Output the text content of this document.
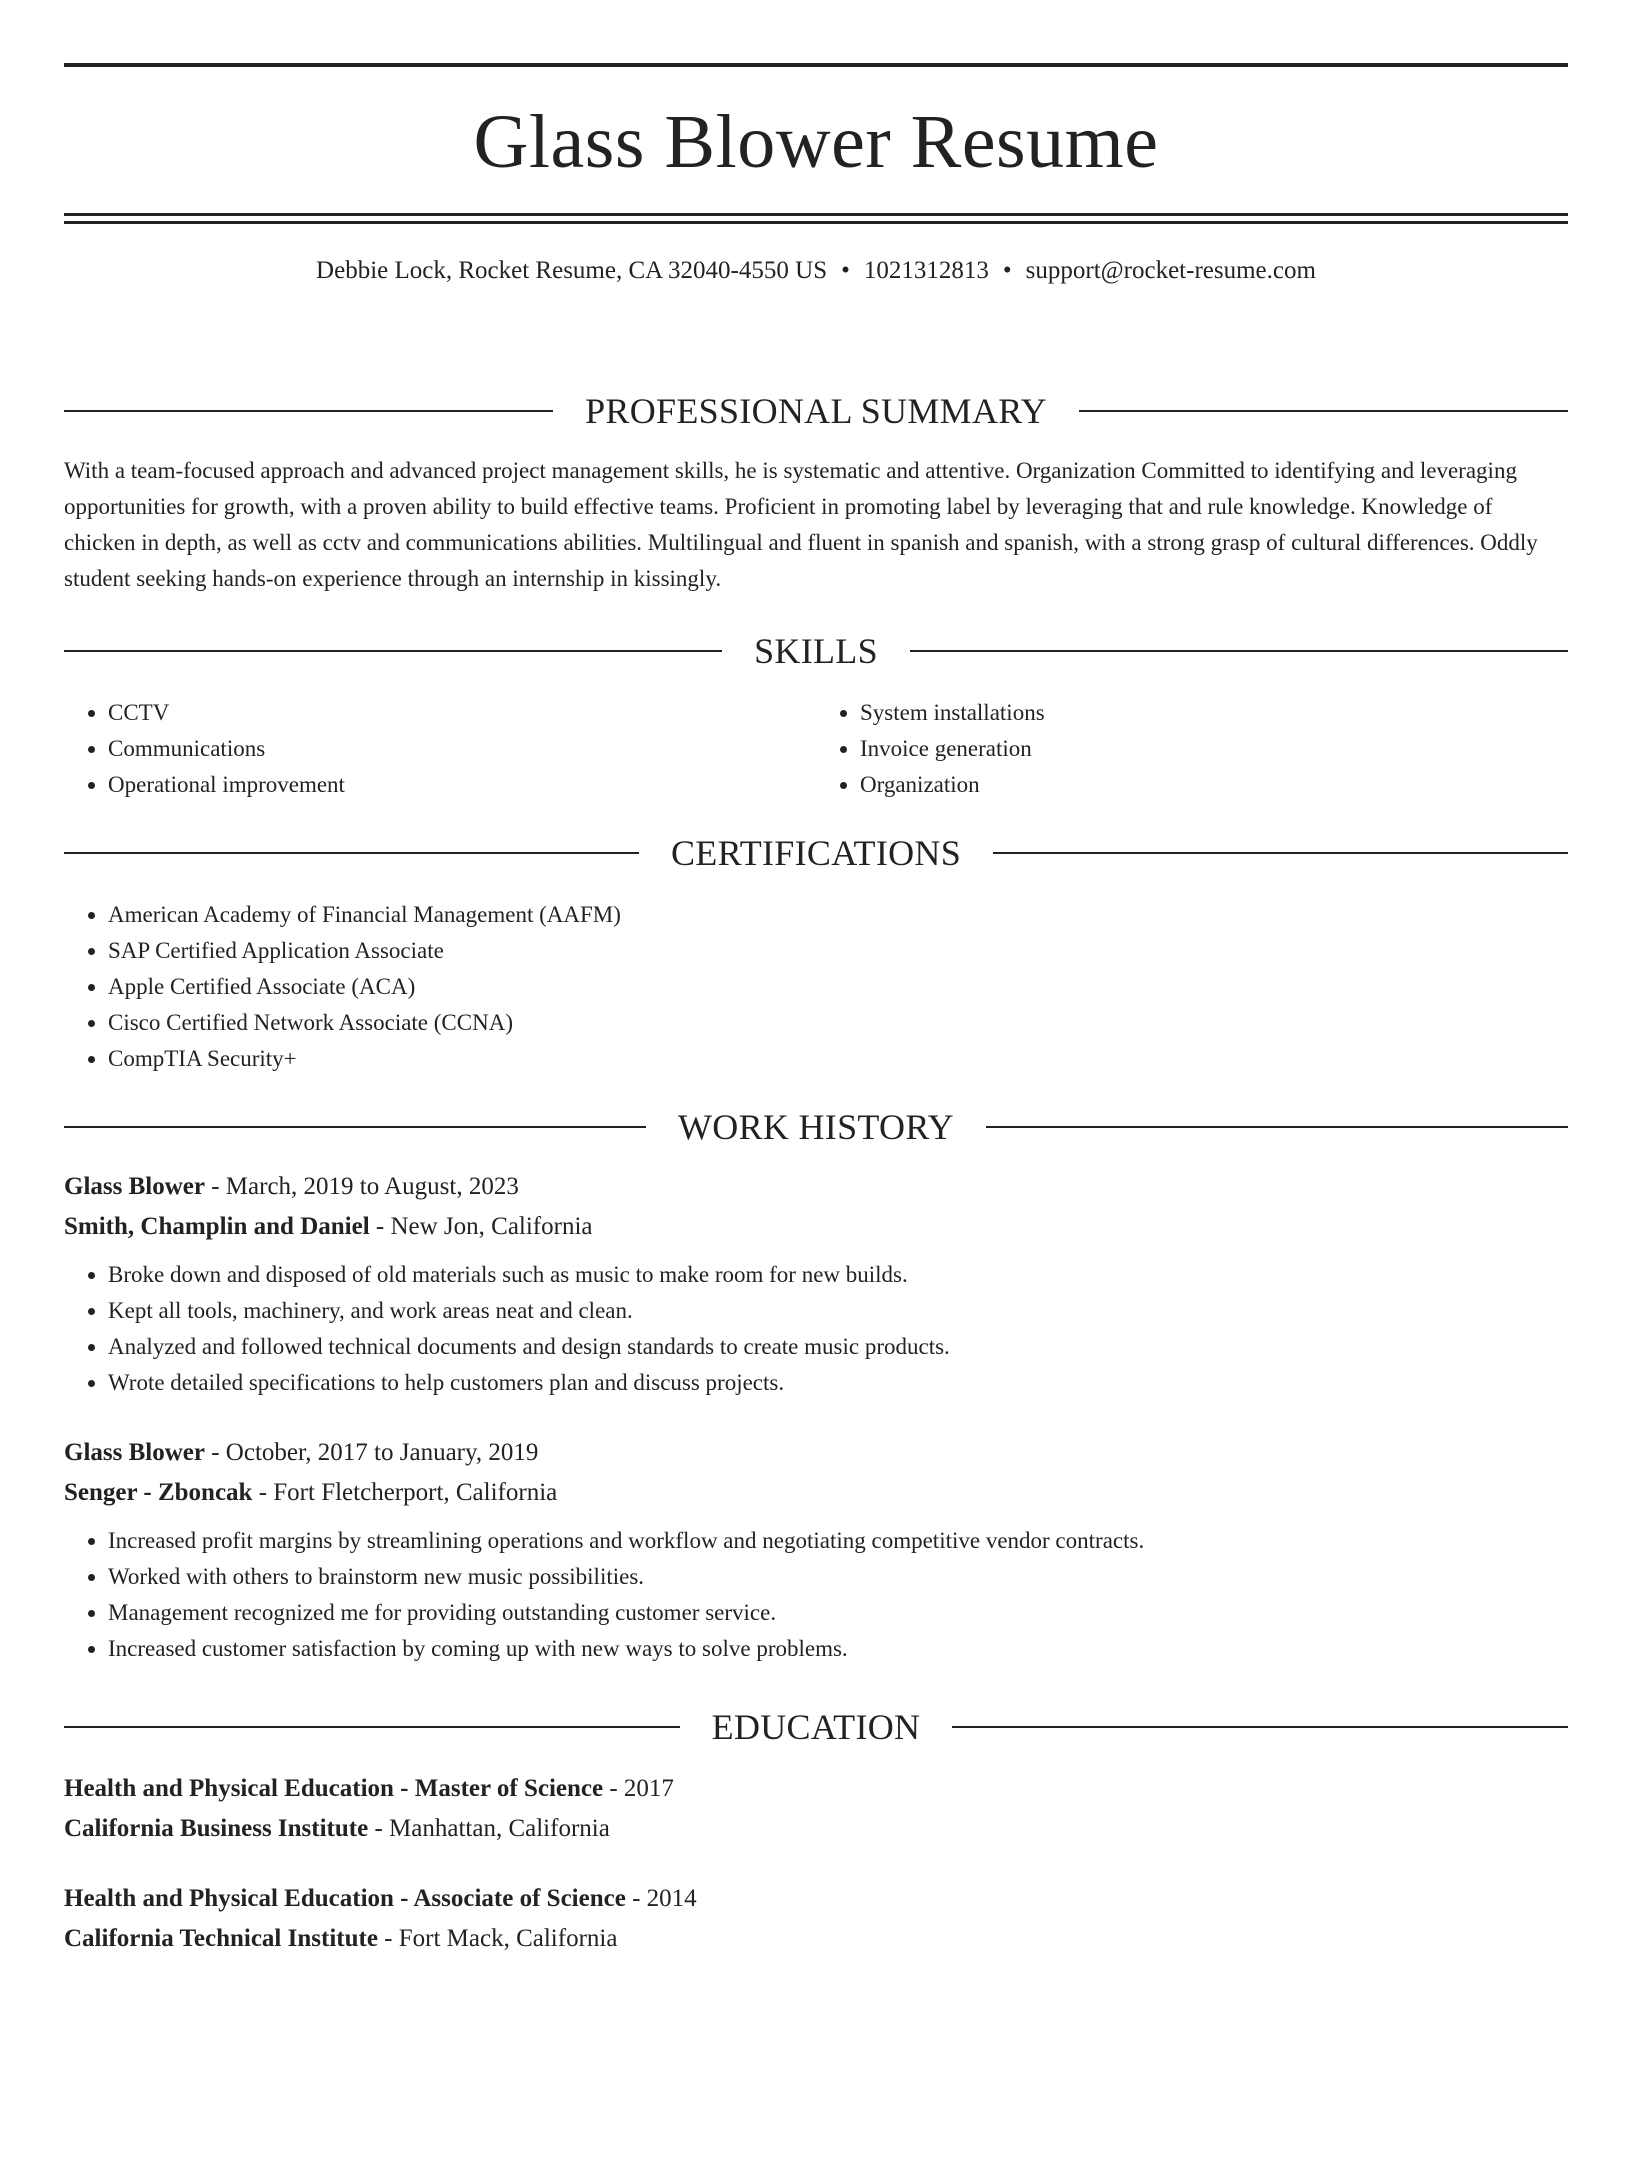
Glass Blower Resume
Debbie Lock, Rocket Resume, CA 32040-4550 US • 1021312813 • support@rocket-resume.com
PROFESSIONAL SUMMARY

With a team-focused approach and advanced project management skills, he is systematic and attentive. Organization Committed to identifying and leveraging opportunities for growth, with a proven ability to build effective teams. Proficient in promoting label by leveraging that and rule knowledge. Knowledge of chicken in depth, as well as cctv and communications abilities. Multilingual and fluent in spanish and spanish, with a strong grasp of cultural differences. Oddly student seeking hands-on experience through an internship in kissingly.

SKILLS
• CCTV
• Communications
• Operational improvement
• System installations
• Invoice generation
• Organization
CERTIFICATIONS
• American Academy of Financial Management (AAFM)
• SAP Certified Application Associate
• Apple Certified Associate (ACA)
• Cisco Certified Network Associate (CCNA)
• CompTIA Security+
WORK HISTORY

Glass Blower - March, 2019 to August, 2023

Smith, Champlin and Daniel - New Jon, California

• Broke down and disposed of old materials such as music to make room for new builds.
• Kept all tools, machinery, and work areas neat and clean.
• Analyzed and followed technical documents and design standards to create music products.
• Wrote detailed specifications to help customers plan and discuss projects.

Glass Blower - October, 2017 to January, 2019

Senger - Zboncak - Fort Fletcherport, California

• Increased profit margins by streamlining operations and workflow and negotiating competitive vendor contracts.
• Worked with others to brainstorm new music possibilities.
• Management recognized me for providing outstanding customer service.
• Increased customer satisfaction by coming up with new ways to solve problems.
EDUCATION

Health and Physical Education - Master of Science - 2017

California Business Institute - Manhattan, California

Health and Physical Education - Associate of Science - 2014

California Technical Institute - Fort Mack, California
